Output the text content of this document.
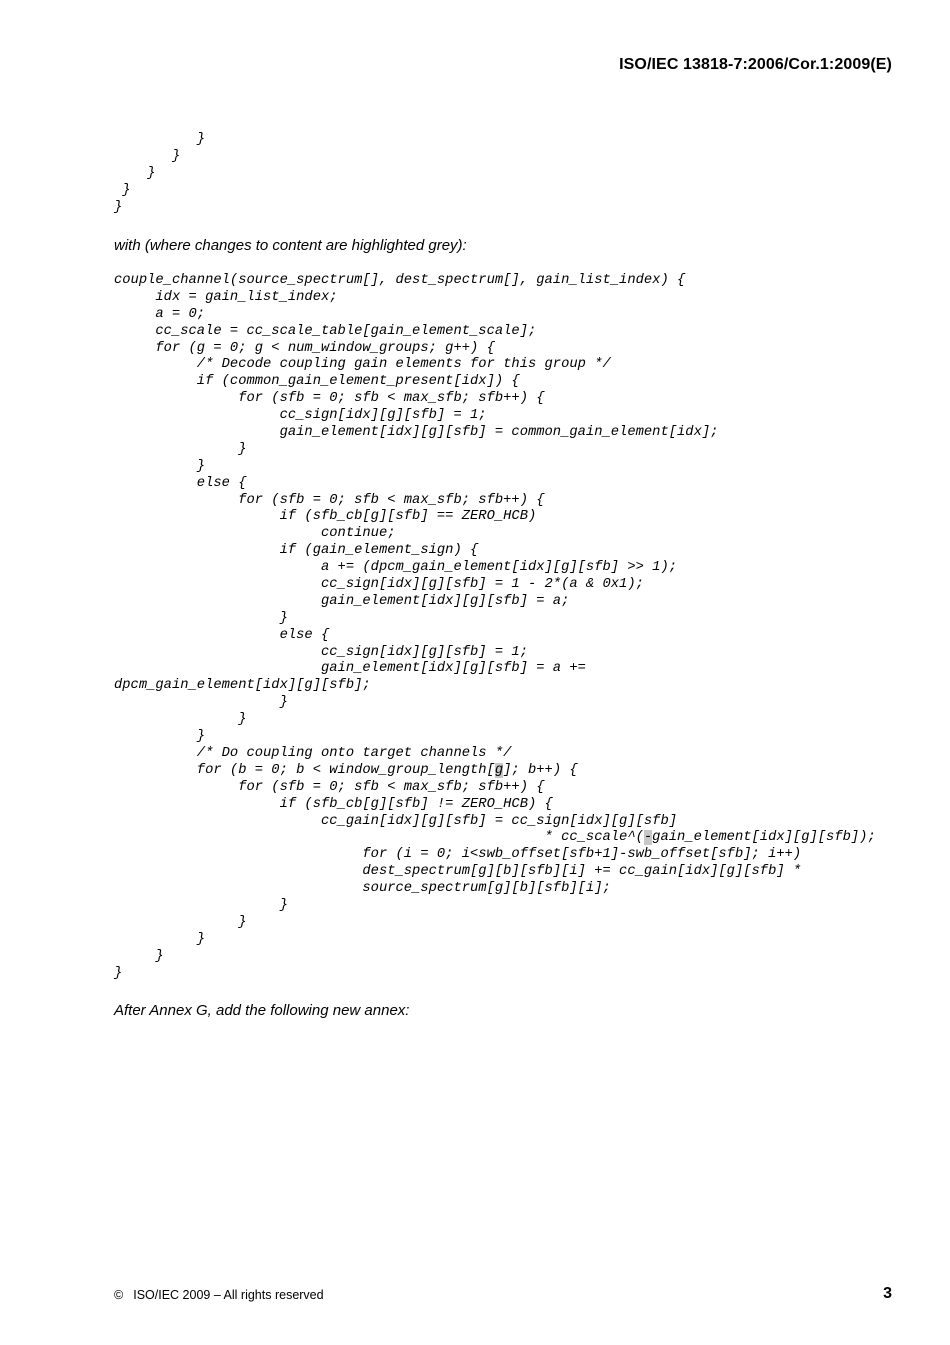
ISO/IEC 13818-7:2006/Cor.1:2009(E)
}
}
}
}
}
with (where changes to content are highlighted grey):
couple_channel(source_spectrum[], dest_spectrum[], gain_list_index) {
idx = gain_list_index;
a = 0;
cc_scale = cc_scale_table[gain_element_scale];
for (g = 0; g < num_window_groups; g++) {
/* Decode coupling gain elements for this group */
if (common_gain_element_present[idx]) {
for (sfb = 0; sfb < max_sfb; sfb++) {
cc_sign[idx][g][sfb] = 1;
gain_element[idx][g][sfb] = common_gain_element[idx];
}
}
else {
for (sfb = 0; sfb < max_sfb; sfb++) {
if (sfb_cb[g][sfb] == ZERO_HCB)
continue;
if (gain_element_sign) {
a += (dpcm_gain_element[idx][g][sfb] >> 1);
cc_sign[idx][g][sfb] = 1 - 2*(a & 0x1);
gain_element[idx][g][sfb] = a;
}
else {
cc_sign[idx][g][sfb] = 1;
gain_element[idx][g][sfb] = a +=
dpcm_gain_element[idx][g][sfb];
}
}
}
/* Do coupling onto target channels */
for (b = 0; b < window_group_length[g]; b++) {
for (sfb = 0; sfb < max_sfb; sfb++) {
if (sfb_cb[g][sfb] != ZERO_HCB) {
cc_gain[idx][g][sfb] = cc_sign[idx][g][sfb]
* cc_scale^(-gain_element[idx][g][sfb]);
for (i = 0; i<swb_offset[sfb+1]-swb_offset[sfb]; i++)
dest_spectrum[g][b][sfb][i] += cc_gain[idx][g][sfb] *
source_spectrum[g][b][sfb][i];
}
}
}
}
}
After Annex G, add the following new annex:
© ISO/IEC 2009 – All rights reserved	3
